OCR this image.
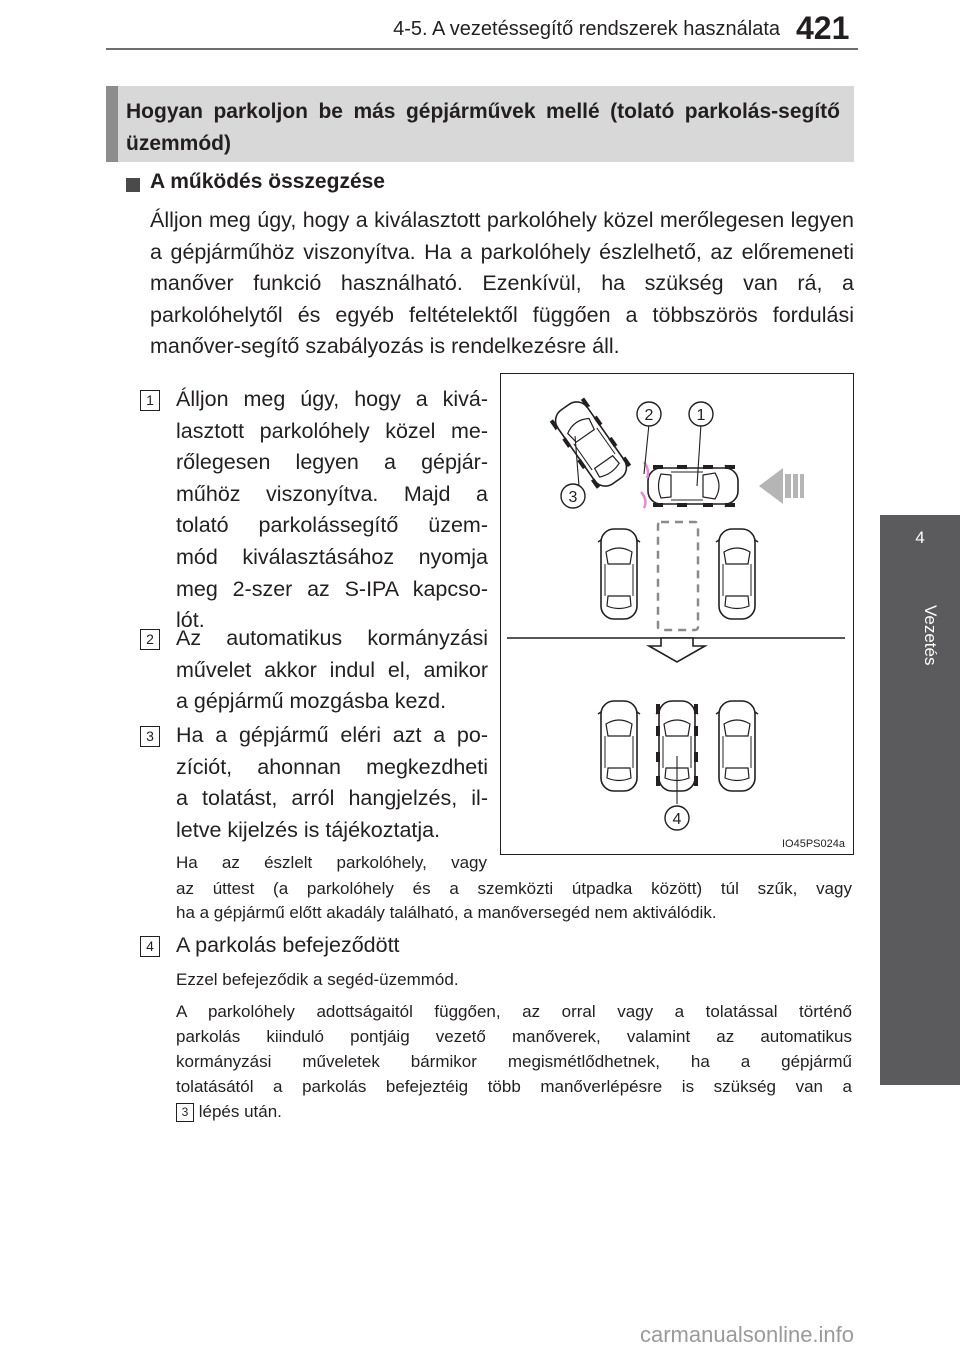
4-5. A vezetéssegítő rendszerek használata 421
4
Vezetés
Hogyan parkoljon be más gépjárművek mellé (tolató parkolás-segítő üzemmód)
A működés összegzése
Álljon meg úgy, hogy a kiválasztott parkolóhely közel merőlegesen legyen a gépjárműhöz viszonyítva. Ha a parkolóhely észlelhető, az előremeneti manőver funkció használható. Ezenkívül, ha szükség van rá, a parkolóhelytől és egyéb feltételektől függően a többszörös fordulási manőver-segítő szabályozás is rendelkezésre áll.
1 Álljon meg úgy, hogy a kivá-
lasztott parkolóhely közel me-
rőlegesen legyen a gépjár-
műhöz viszonyítva. Majd a
tolató parkolássegítő üzem-
mód kiválasztásához nyomja
meg 2-szer az S-IPA kapcso-
lót.
2 Az automatikus kormányzási
művelet akkor indul el, amikor
a gépjármű mozgásba kezd.
3 Ha a gépjármű eléri azt a po-
zíciót, ahonnan megkezdheti
a tolatást, arról hangjelzés, il-
letve kijelzés is tájékoztatja.
Ha az észlelt parkolóhely, vagy
az úttest (a parkolóhely és a szemközti útpadka között) túl szűk, vagy
ha a gépjármű előtt akadály található, a manőversegéd nem aktiválódik.
4 A parkolás befejeződött
Ezzel befejeződik a segéd-üzemmód.
A parkolóhely adottságaitól függően, az orral vagy a tolatással történő
parkolás kiinduló pontjáig vezető manőverek, valamint az automatikus
kormányzási műveletek bármikor megismétlődhetnek, ha a gépjármű
tolatásától a parkolás befejeztéig több manőverlépésre is szükség van a
3 lépés után.
1
2
3
4
IO45PS024a
carmanualsonline.info
